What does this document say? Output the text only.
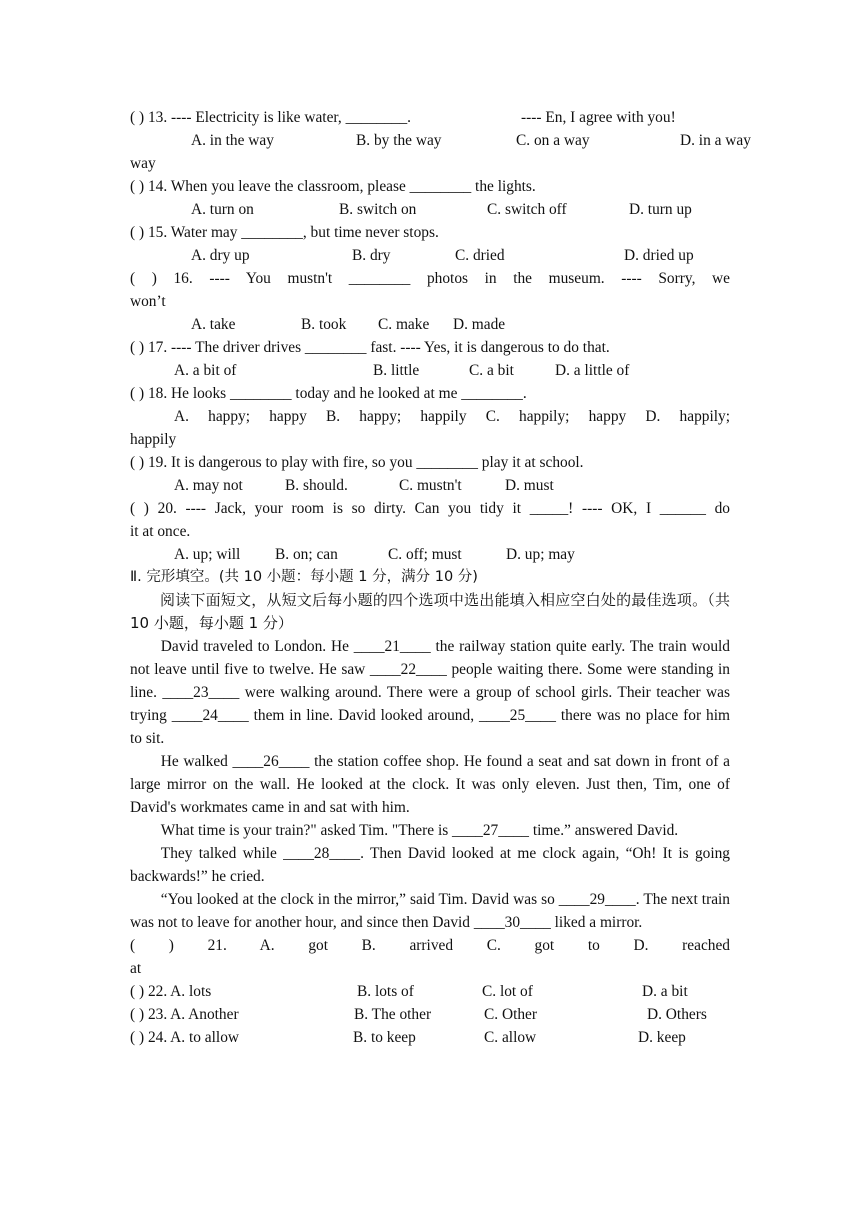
( ) 13. ---- Electricity is like water, ________.	---- En, I agree with you!
A. in the way	B. by the way	C. on a way	D. in a way
way
( ) 14. When you leave the classroom, please ________ the lights.
A. turn on	B. switch on	C. switch off	D. turn up
( ) 15. Water may ________, but time never stops.
A. dry up	B. dry	C. dried	D. dried up
( ) 16. ---- You mustn't ________ photos in the museum. ---- Sorry, we
won’t
A. take	B. took C. make D. made
( ) 17. ---- The driver drives ________ fast. ---- Yes, it is dangerous to do that.
A. a bit of	B. little	C. a bit	D. a little of
( ) 18. He looks ________ today and he looked at me ________.
A. happy; happy B. happy; happily C. happily; happy D. happily;
happily
( ) 19. It is dangerous to play with fire, so you ________ play it at school.
A. may not	B. should.	C. mustn't	D. must
( ) 20. ---- Jack, your room is so dirty. Can you tidy it _____! ---- OK, I ______ do
it at once.
A. up; will B. on; can	C. off; must	D. up; may
Ⅱ. 完形填空。(共 10 小题：每小题 1 分，满分 10 分)
阅读下面短文，从短文后每小题的四个选项中选出能填入相应空白处的最佳选项。（共 10 小题，每小题 1 分）
David traveled to London. He ____21____ the railway station quite early. The train would not leave until five to twelve. He saw ____22____ people waiting there. Some were standing in line. ____23____ were walking around. There were a group of school girls. Their teacher was trying ____24____ them in line. David looked around, ____25____ there was no place for him to sit.
He walked ____26____ the station coffee shop. He found a seat and sat down in front of a large mirror on the wall. He looked at the clock. It was only eleven. Just then, Tim, one of David's workmates came in and sat with him.
What time is your train?" asked Tim. "There is ____27____ time.” answered David.
They talked while ____28____. Then David looked at me clock again, “Oh! It is going backwards!” he cried.
“You looked at the clock in the mirror,” said Tim. David was so ____29____. The next train was not to leave for another hour, and since then David ____30____ liked a mirror.
( ) 21. A. got B. arrived C. got to D. reached
at
( ) 22. A. lots	B. lots of	C. lot of	D. a bit
( ) 23. A. Another	B. The other	C. Other	D. Others
( ) 24. A. to allow	B. to keep	C. allow	D. keep
